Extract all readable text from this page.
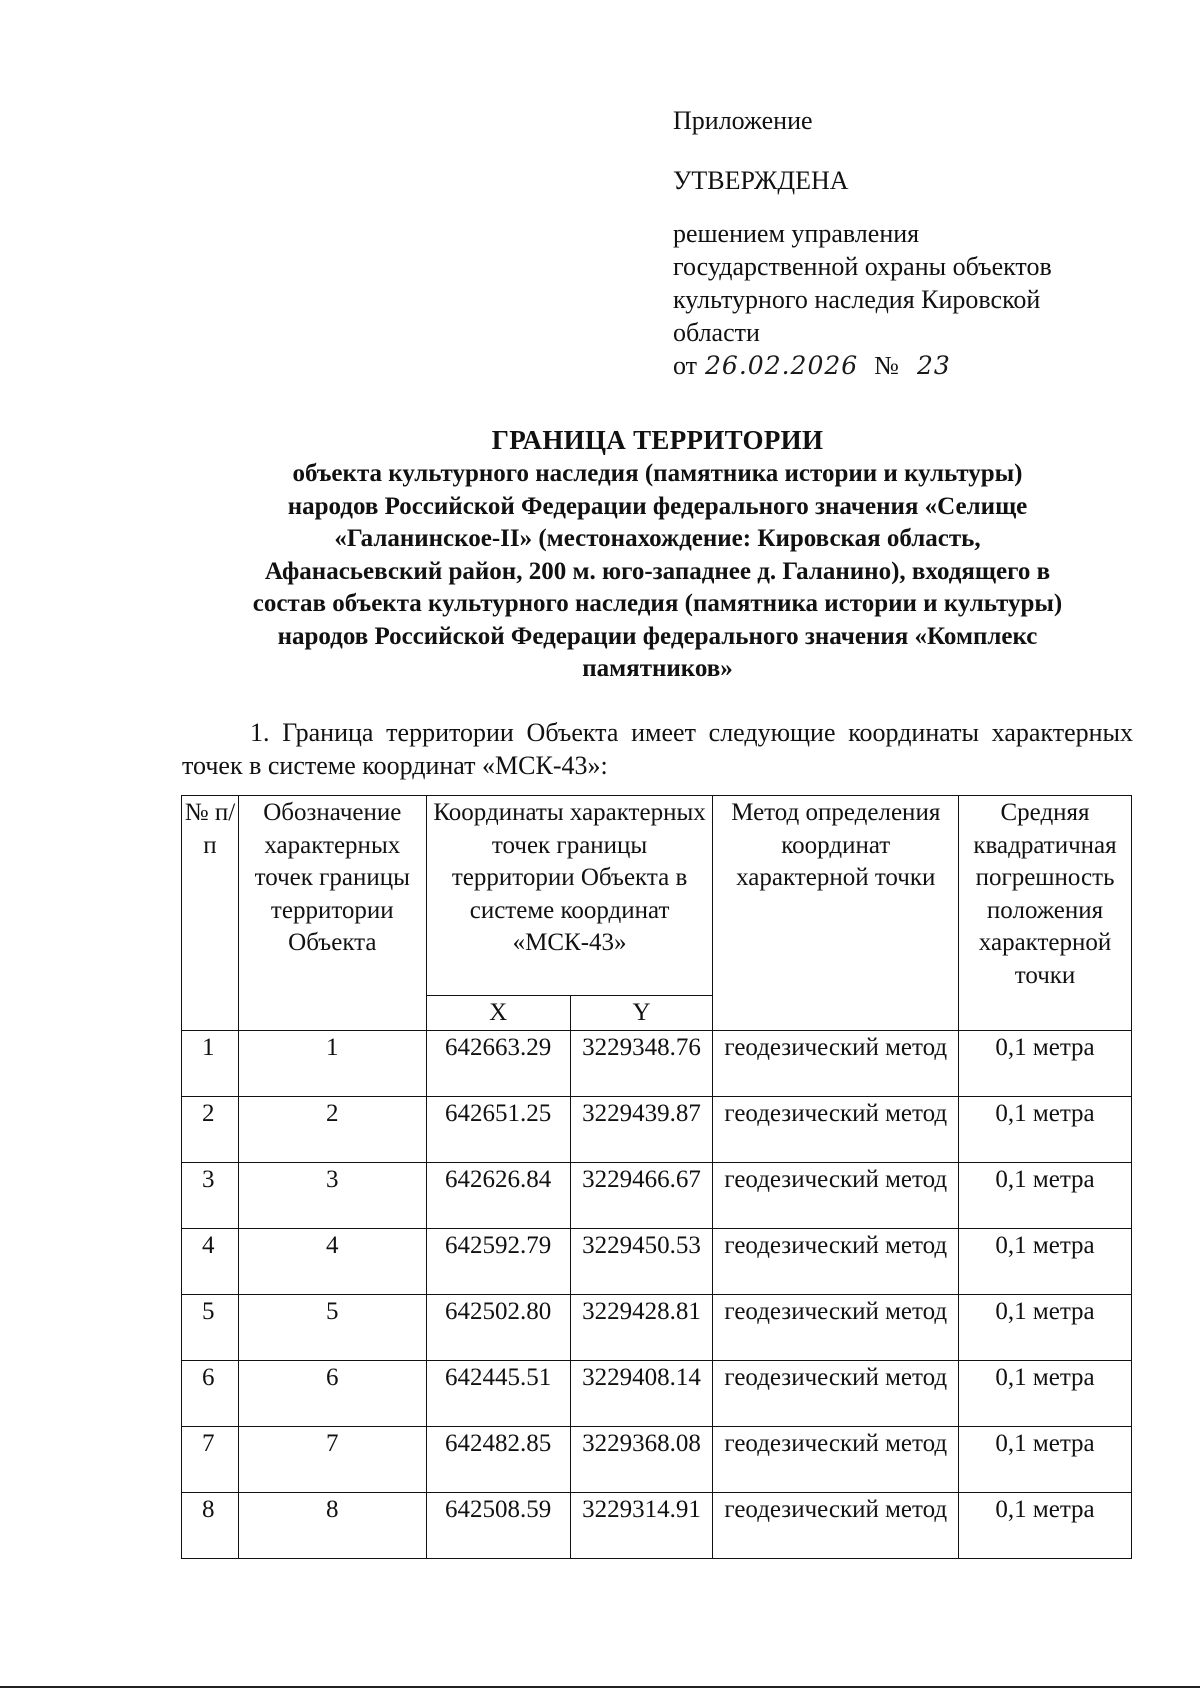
Приложение
УТВЕРЖДЕНА
решением управления
государственной охраны объектов
культурного наследия Кировской
области
от 26.02.2026 № 23
ГРАНИЦА ТЕРРИТОРИИ
объекта культурного наследия (памятника истории и культуры)
народов Российской Федерации федерального значения «Селище
«Галанинское-II» (местонахождение: Кировская область,
Афанасьевский район, 200 м. юго-западнее д. Галанино), входящего в
состав объекта культурного наследия (памятника истории и культуры)
народов Российской Федерации федерального значения «Комплекс
памятников»
1. Граница территории Объекта имеет следующие координаты характерных точек в системе координат «МСК-43»:
№ п/п	Обозначение характерных точек границы территории Объекта	Координаты характерных точек границы территории Объекта в системе координат «МСК-43»		Метод определения координат характерной точки	Средняя квадратичная погрешность положения характерной точки
		X	Y		
1	1	642663.29	3229348.76	геодезический метод	0,1 метра
2	2	642651.25	3229439.87	геодезический метод	0,1 метра
3	3	642626.84	3229466.67	геодезический метод	0,1 метра
4	4	642592.79	3229450.53	геодезический метод	0,1 метра
5	5	642502.80	3229428.81	геодезический метод	0,1 метра
6	6	642445.51	3229408.14	геодезический метод	0,1 метра
7	7	642482.85	3229368.08	геодезический метод	0,1 метра
8	8	642508.59	3229314.91	геодезический метод	0,1 метра
